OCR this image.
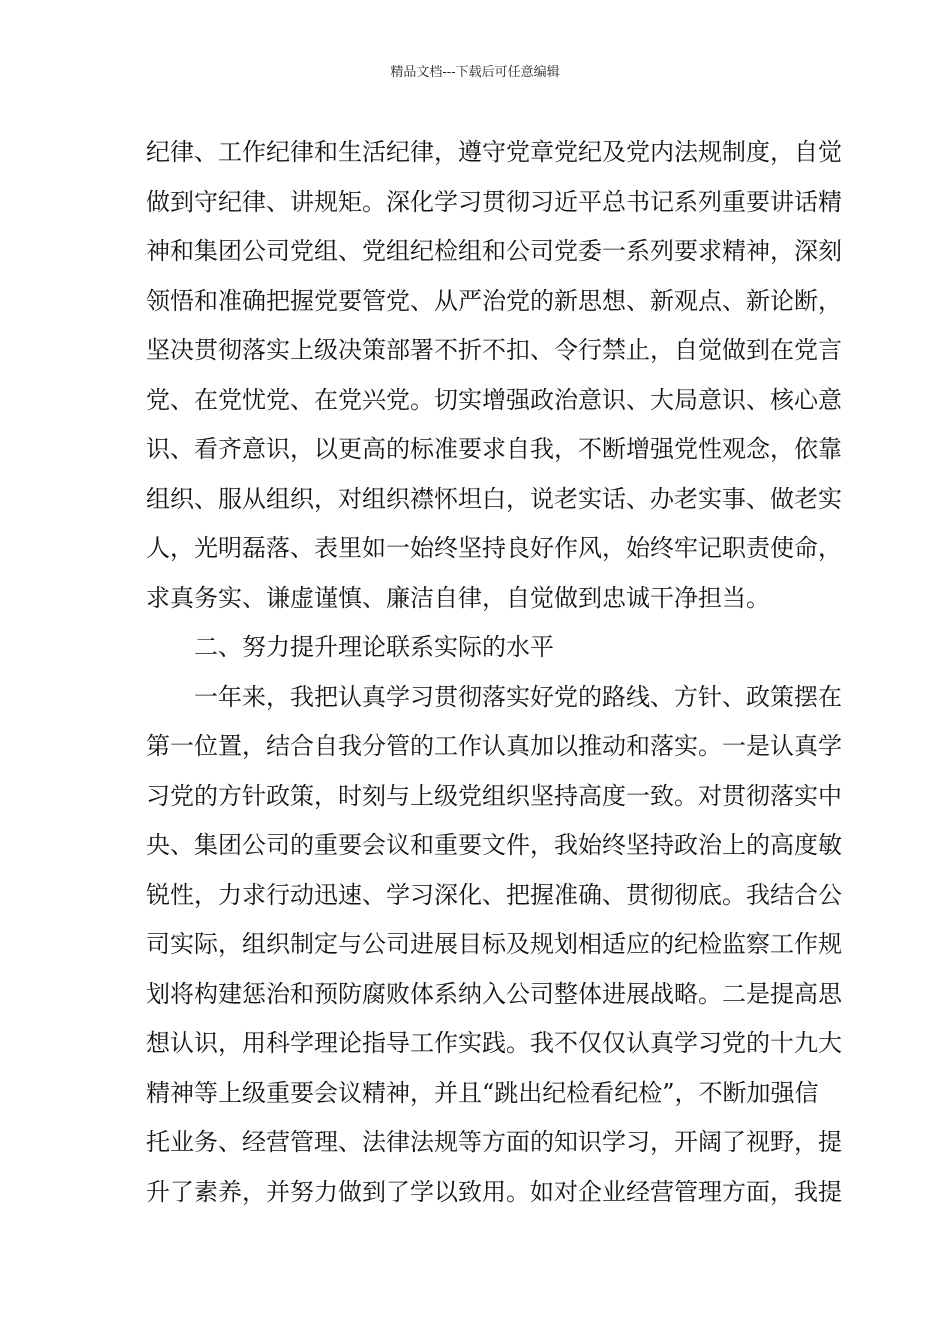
精品文档---下载后可任意编辑
纪律、工作纪律和生活纪律，遵守党章党纪及党内法规制度，自觉
做到守纪律、讲规矩。深化学习贯彻习近平总书记系列重要讲话精
神和集团公司党组、党组纪检组和公司党委一系列要求精神，深刻
领悟和准确把握党要管党、从严治党的新思想、新观点、新论断，
坚决贯彻落实上级决策部署不折不扣、令行禁止，自觉做到在党言
党、在党忧党、在党兴党。切实增强政治意识、大局意识、核心意
识、看齐意识，以更高的标准要求自我，不断增强党性观念，依靠
组织、服从组织，对组织襟怀坦白，说老实话、办老实事、做老实
人，光明磊落、表里如一始终坚持良好作风，始终牢记职责使命，
求真务实、谦虚谨慎、廉洁自律，自觉做到忠诚干净担当。
二、努力提升理论联系实际的水平
一年来，我把认真学习贯彻落实好党的路线、方针、政策摆在
第一位置，结合自我分管的工作认真加以推动和落实。一是认真学
习党的方针政策，时刻与上级党组织坚持高度一致。对贯彻落实中
央、集团公司的重要会议和重要文件，我始终坚持政治上的高度敏
锐性，力求行动迅速、学习深化、把握准确、贯彻彻底。我结合公
司实际，组织制定与公司进展目标及规划相适应的纪检监察工作规
划将构建惩治和预防腐败体系纳入公司整体进展战略。二是提高思
想认识，用科学理论指导工作实践。我不仅仅认真学习党的十九大
精神等上级重要会议精神，并且“跳出纪检看纪检”，不断加强信
托业务、经营管理、法律法规等方面的知识学习，开阔了视野，提
升了素养，并努力做到了学以致用。如对企业经营管理方面，我提
